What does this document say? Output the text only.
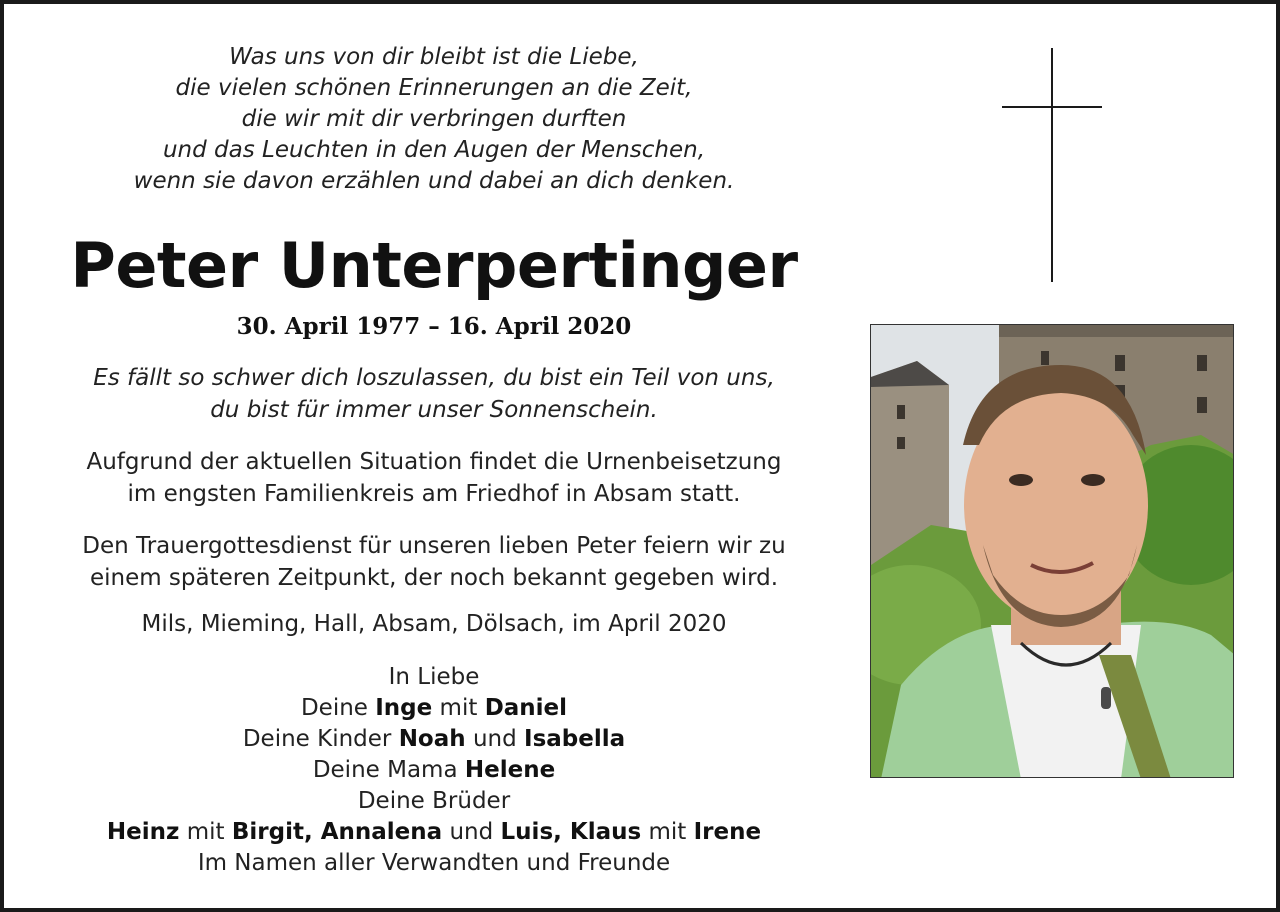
Was uns von dir bleibt ist die Liebe,
die vielen schönen Erinnerungen an die Zeit,
die wir mit dir verbringen durften
und das Leuchten in den Augen der Menschen,
wenn sie davon erzählen und dabei an dich denken.
Peter Unterpertinger
30. April 1977 – 16. April 2020
Es fällt so schwer dich loszulassen, du bist ein Teil von uns,
du bist für immer unser Sonnenschein.
Aufgrund der aktuellen Situation findet die Urnenbeisetzung
im engsten Familienkreis am Friedhof in Absam statt.
Den Trauergottesdienst für unseren lieben Peter feiern wir zu
einem späteren Zeitpunkt, der noch bekannt gegeben wird.
Mils, Mieming, Hall, Absam, Dölsach, im April 2020
In Liebe
Deine Inge mit Daniel
Deine Kinder Noah und Isabella
Deine Mama Helene
Deine Brüder
Heinz mit Birgit, Annalena und Luis, Klaus mit Irene
Im Namen aller Verwandten und Freunde
